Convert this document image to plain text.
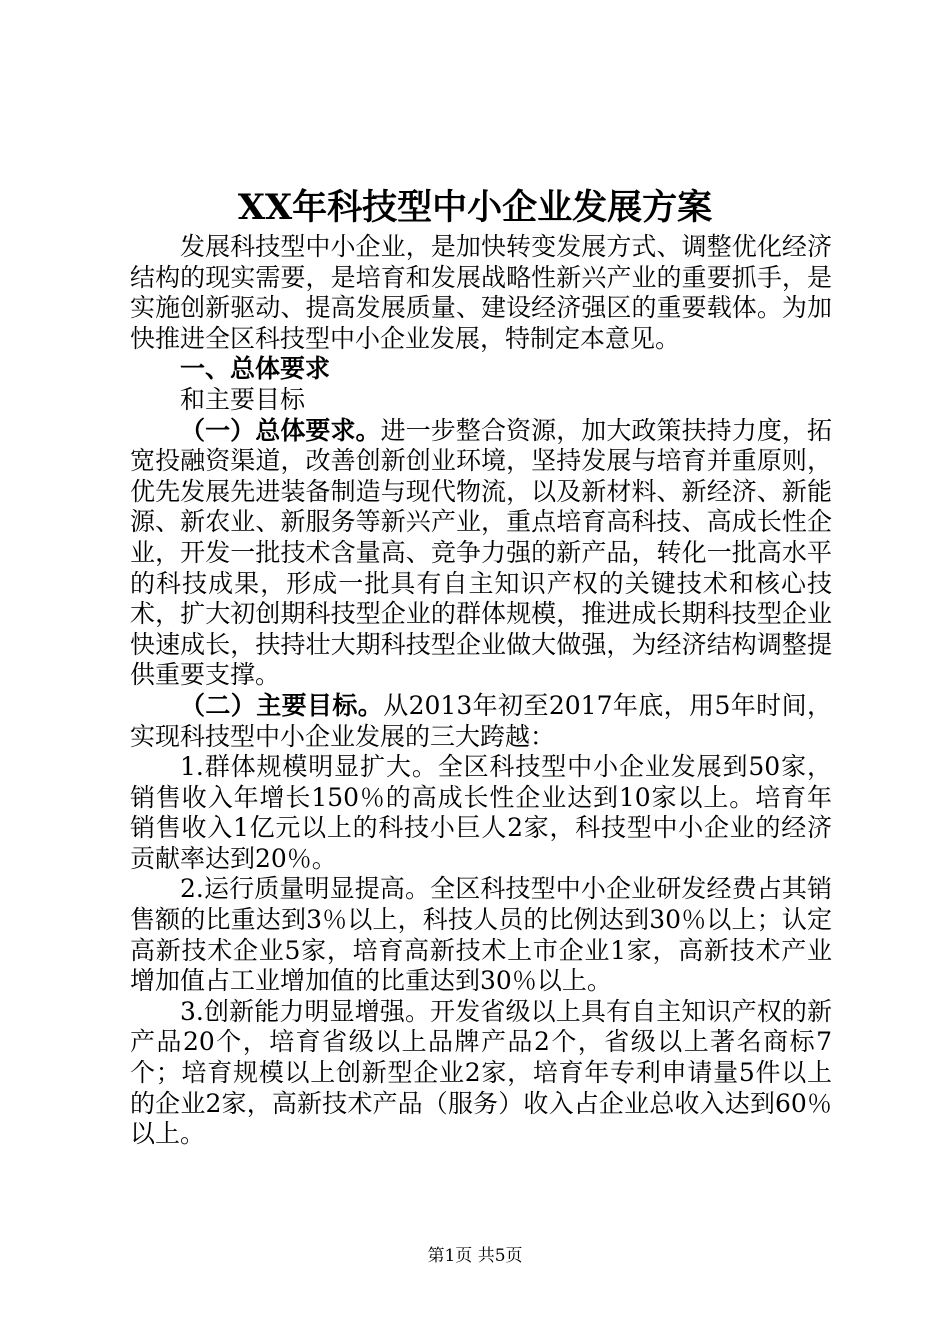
XX年科技型中小企业发展方案

发展科技型中小企业，是加快转变发展方式、调整优化经济结构的现实需要，是培育和发展战略性新兴产业的重要抓手，是实施创新驱动、提高发展质量、建设经济强区的重要载体。为加快推进全区科技型中小企业发展，特制定本意见。

一、总体要求

和主要目标

（一）总体要求。进一步整合资源，加大政策扶持力度，拓宽投融资渠道，改善创新创业环境，坚持发展与培育并重原则，优先发展先进装备制造与现代物流，以及新材料、新经济、新能源、新农业、新服务等新兴产业，重点培育高科技、高成长性企业，开发一批技术含量高、竞争力强的新产品，转化一批高水平的科技成果，形成一批具有自主知识产权的关键技术和核心技术，扩大初创期科技型企业的群体规模，推进成长期科技型企业快速成长，扶持壮大期科技型企业做大做强，为经济结构调整提供重要支撑。

（二）主要目标。从2013年初至2017年底，用5年时间，实现科技型中小企业发展的三大跨越：

1.群体规模明显扩大。全区科技型中小企业发展到50家，销售收入年增长150％的高成长性企业达到10家以上。培育年销售收入1亿元以上的科技小巨人2家，科技型中小企业的经济贡献率达到20％。

2.运行质量明显提高。全区科技型中小企业研发经费占其销售额的比重达到3％以上，科技人员的比例达到30％以上；认定高新技术企业5家，培育高新技术上市企业1家，高新技术产业增加值占工业增加值的比重达到30％以上。

3.创新能力明显增强。开发省级以上具有自主知识产权的新产品20个，培育省级以上品牌产品2个，省级以上著名商标7个；培育规模以上创新型企业2家，培育年专利申请量5件以上的企业2家，高新技术产品（服务）收入占企业总收入达到60％以上。

第1页 共5页
